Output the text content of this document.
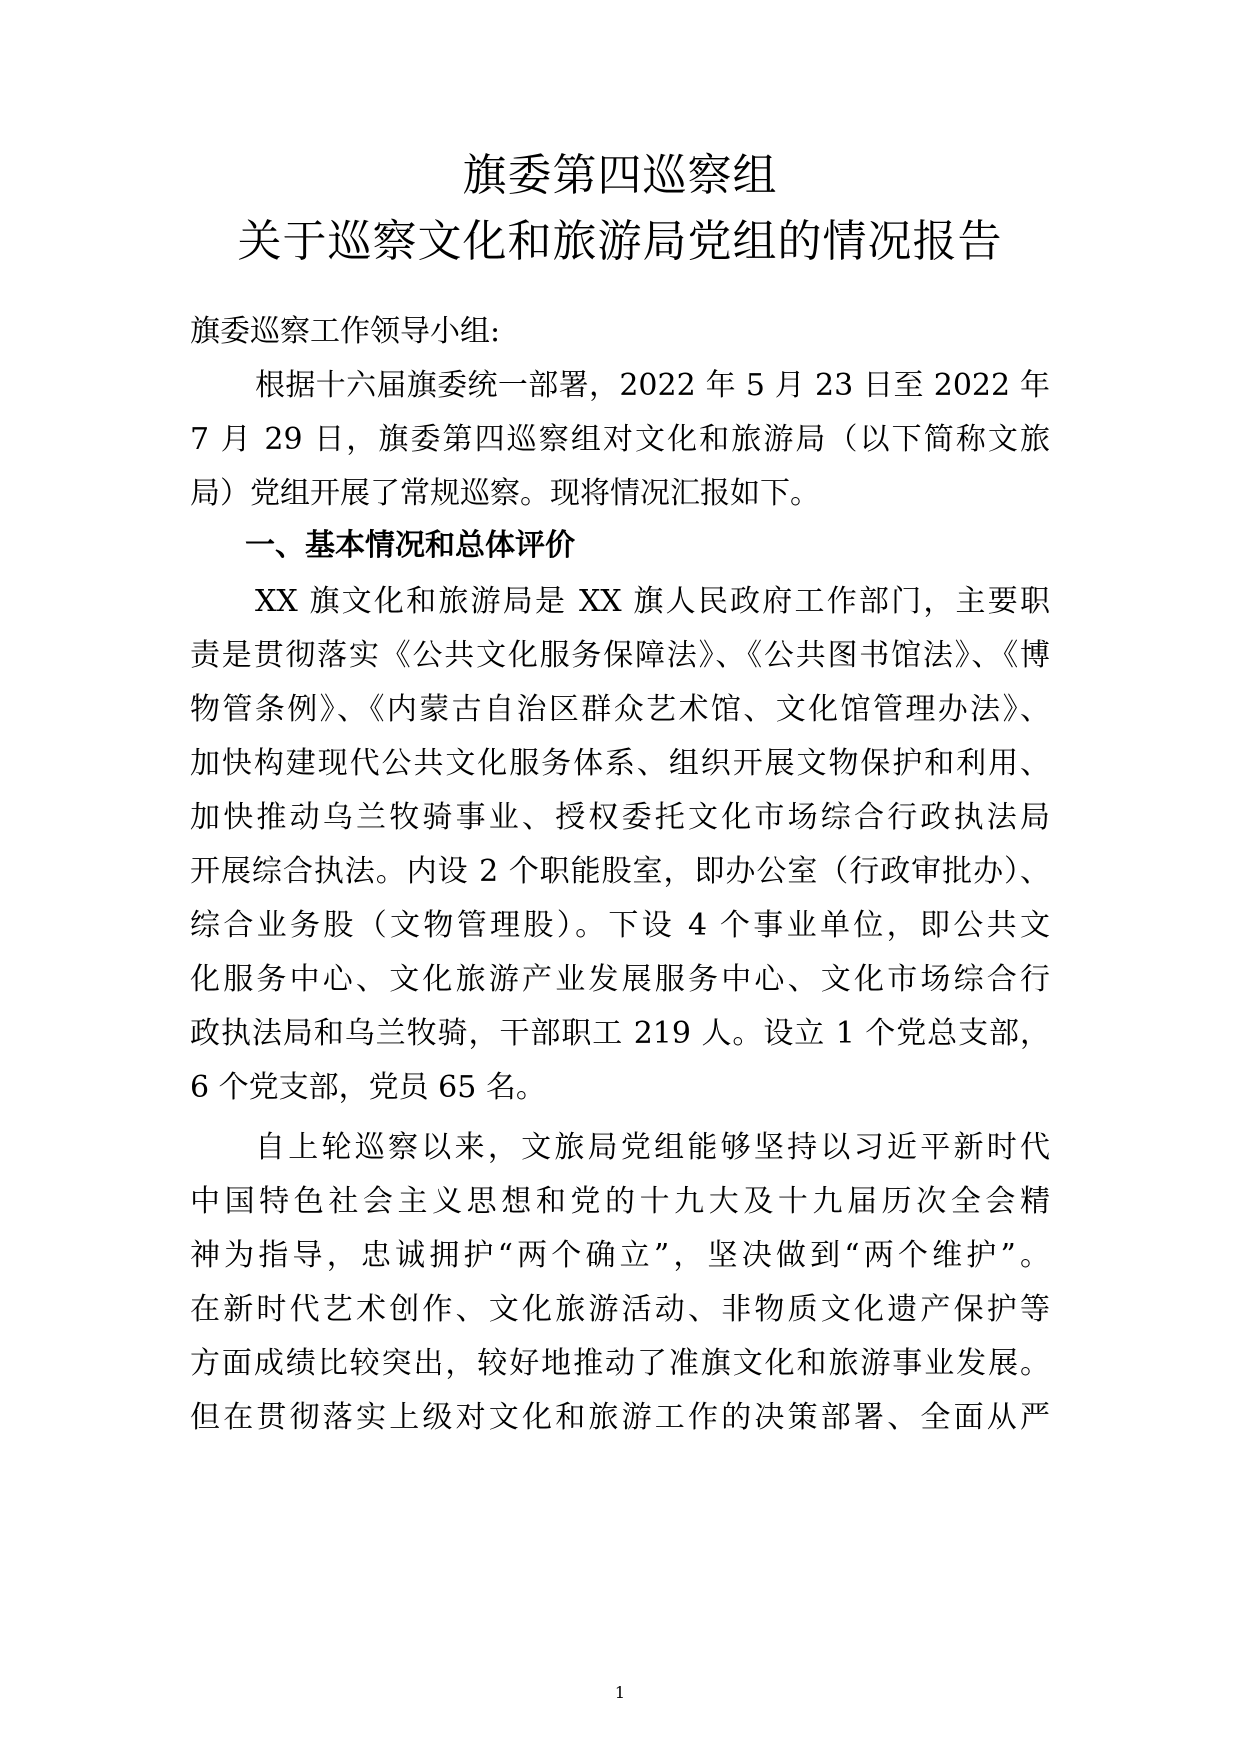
旗委第四巡察组
关于巡察文化和旅游局党组的情况报告
旗委巡察工作领导小组:
根据十六届旗委统一部署，2022 年 5 月 23 日至 2022 年
7 月 29 日，旗委第四巡察组对文化和旅游局（以下简称文旅
局）党组开展了常规巡察。现将情况汇报如下。
一、基本情况和总体评价
XX 旗文化和旅游局是 XX 旗人民政府工作部门，主要职
责是贯彻落实《公共文化服务保障法》、《公共图书馆法》、《博
物管条例》、《内蒙古自治区群众艺术馆、文化馆管理办法》、
加快构建现代公共文化服务体系、组织开展文物保护和利用、
加快推动乌兰牧骑事业、授权委托文化市场综合行政执法局
开展综合执法。内设 2 个职能股室，即办公室（行政审批办）、
综合业务股（文物管理股）。下设 4 个事业单位，即公共文
化服务中心、文化旅游产业发展服务中心、文化市场综合行
政执法局和乌兰牧骑，干部职工 219 人。设立 1 个党总支部，
6 个党支部，党员 65 名。
自上轮巡察以来，文旅局党组能够坚持以习近平新时代
中国特色社会主义思想和党的十九大及十九届历次全会精
神为指导，忠诚拥护“两个确立”，坚决做到“两个维护”。
在新时代艺术创作、文化旅游活动、非物质文化遗产保护等
方面成绩比较突出，较好地推动了准旗文化和旅游事业发展。
但在贯彻落实上级对文化和旅游工作的决策部署、全面从严
1
